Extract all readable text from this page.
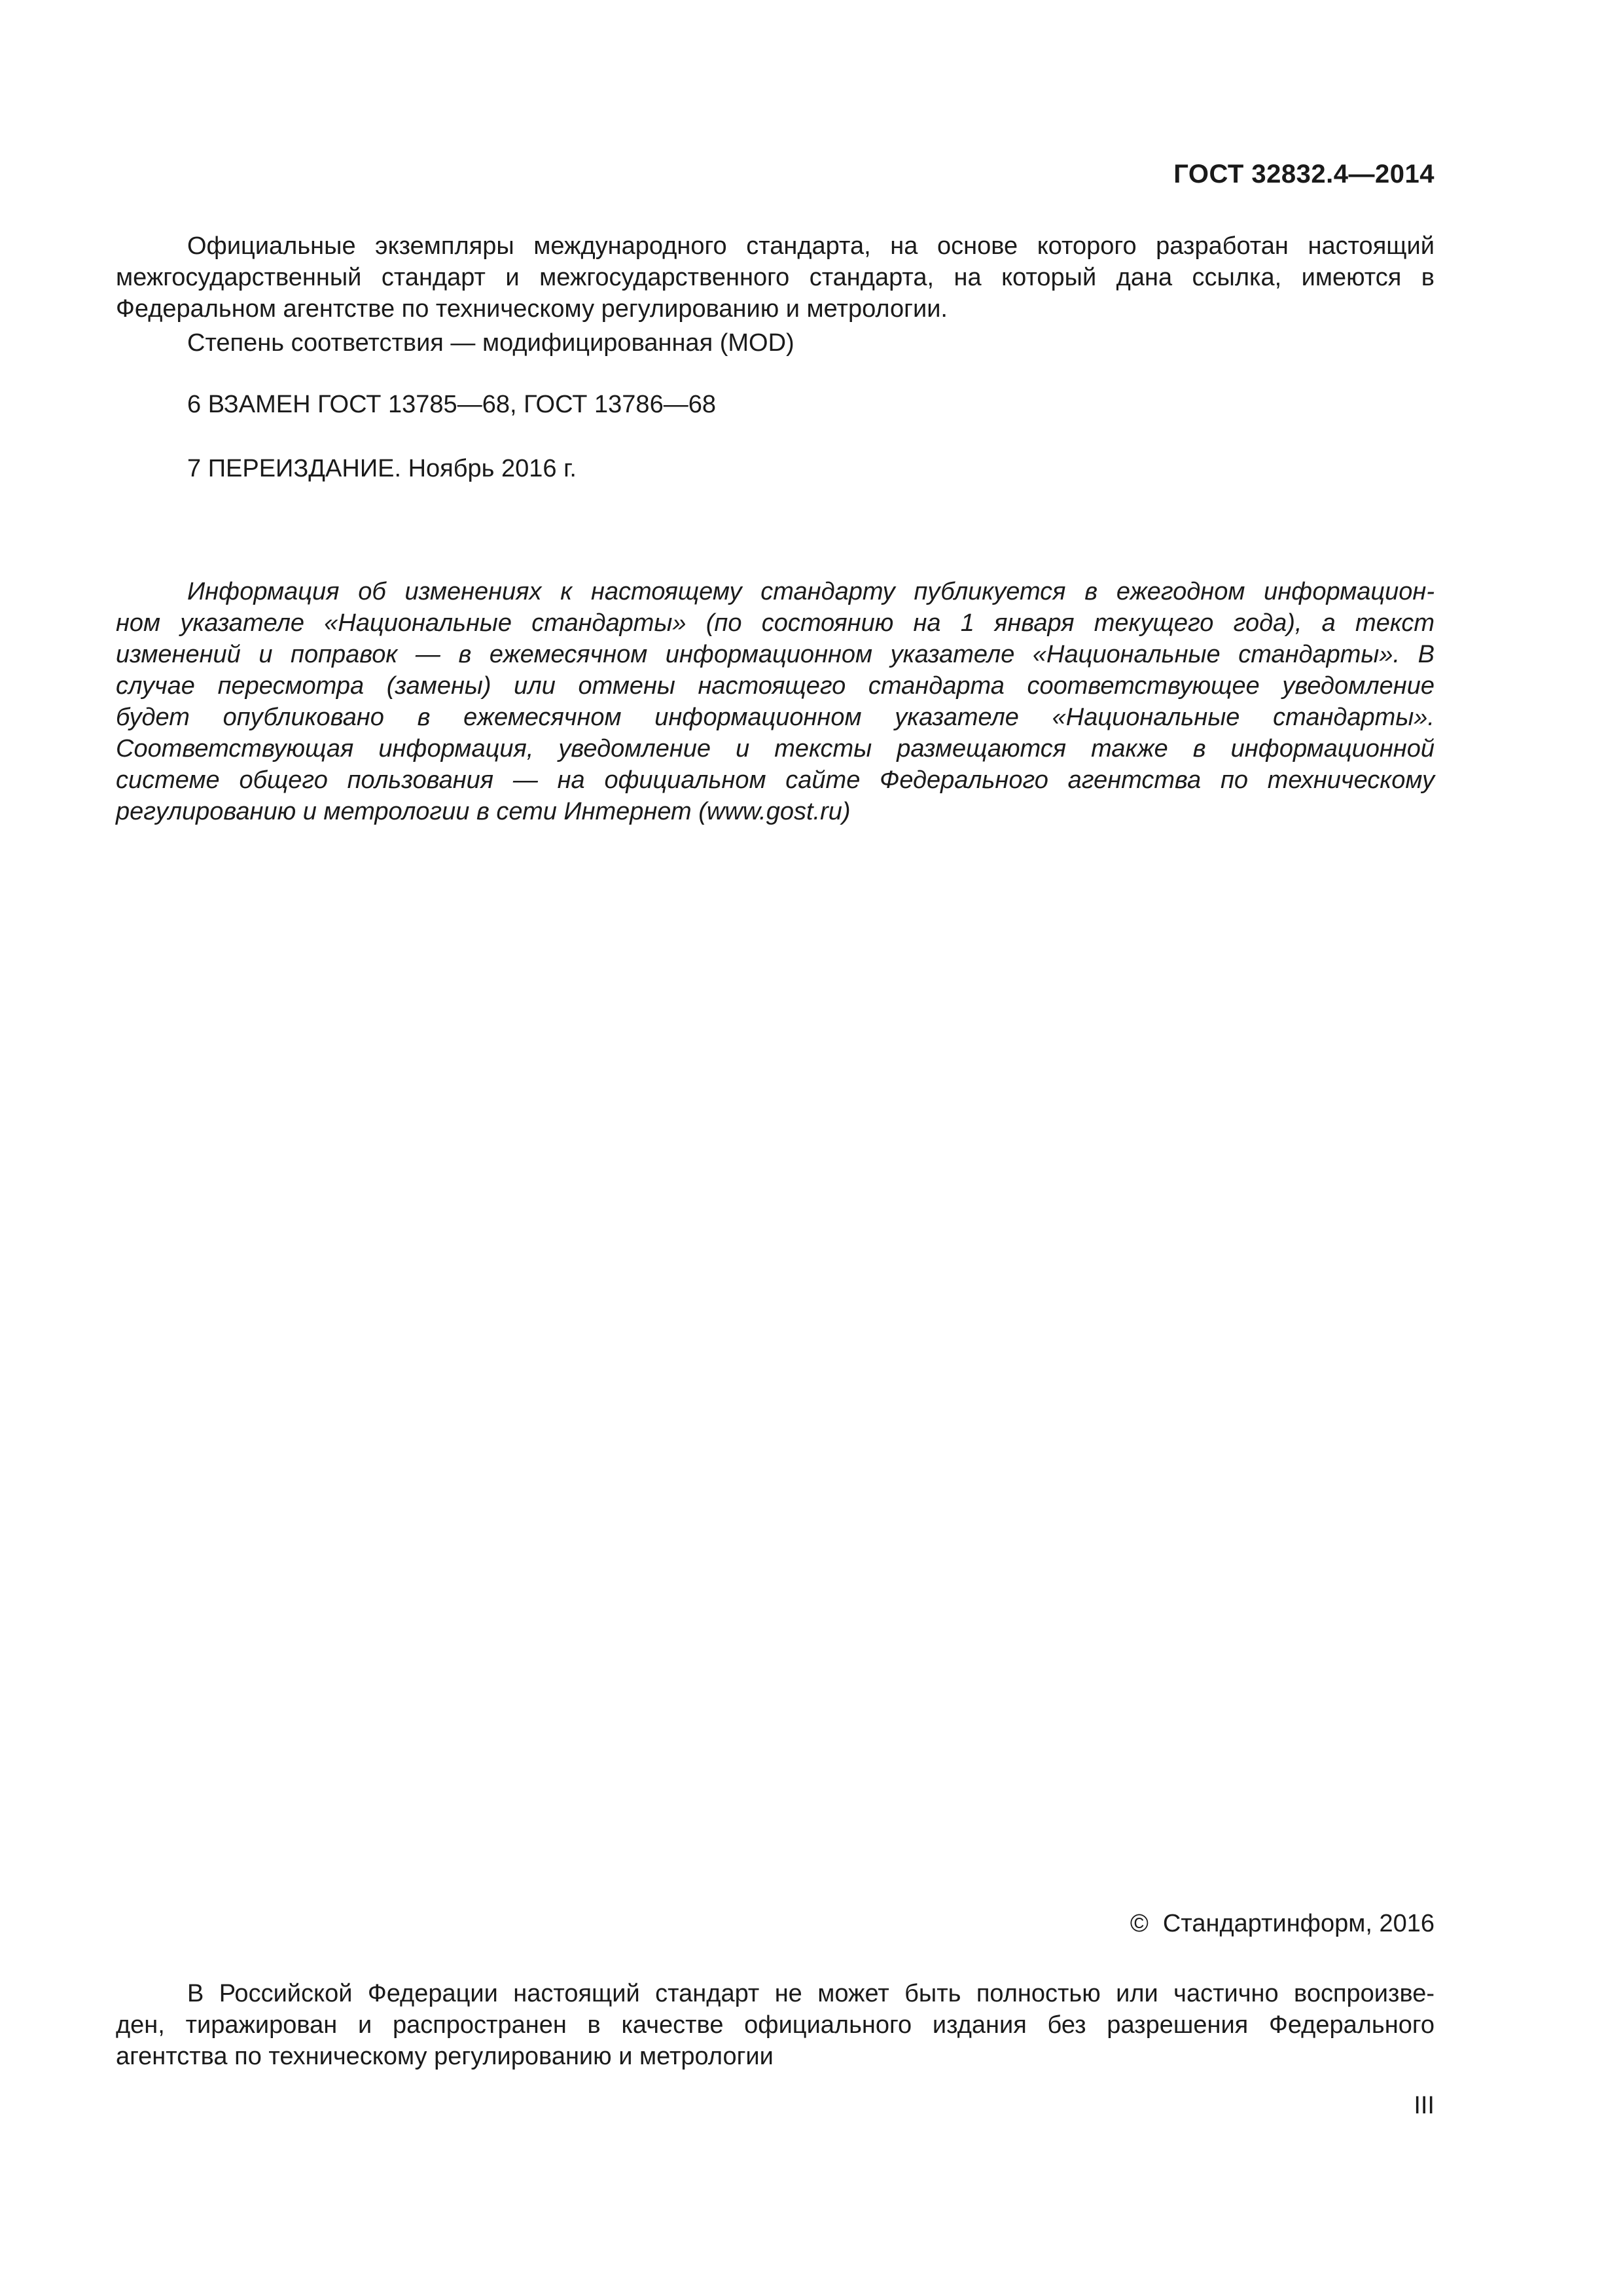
ГОСТ 32832.4—2014
Официальные экземпляры международного стандарта, на основе которого разработан настоящий
межгосударственный стандарт и межгосударственного стандарта, на который дана ссылка, имеются в
Федеральном агентстве по техническому регулированию и метрологии.

Степень соответствия — модифицированная (MOD)

6 ВЗАМЕН ГОСТ 13785—68, ГОСТ 13786—68

7 ПЕРЕИЗДАНИЕ. Ноябрь 2016 г.

Информация об изменениях к настоящему стандарту публикуется в ежегодном информацион-
ном указателе «Национальные стандарты» (по состоянию на 1 января текущего года), а текст
изменений и поправок — в ежемесячном информационном указателе «Национальные стандарты». В
случае пересмотра (замены) или отмены настоящего стандарта соответствующее уведомление
будет опубликовано в ежемесячном информационном указателе «Национальные стандарты».
Соответствующая информация, уведомление и тексты размещаются также в информационной
системе общего пользования — на официальном сайте Федерального агентства по техническому
регулированию и метрологии в сети Интернет (www.gost.ru)
© Стандартинформ, 2016
В Российской Федерации настоящий стандарт не может быть полностью или частично воспроизве-
ден, тиражирован и распространен в качестве официального издания без разрешения Федерального
агентства по техническому регулированию и метрологии
III
